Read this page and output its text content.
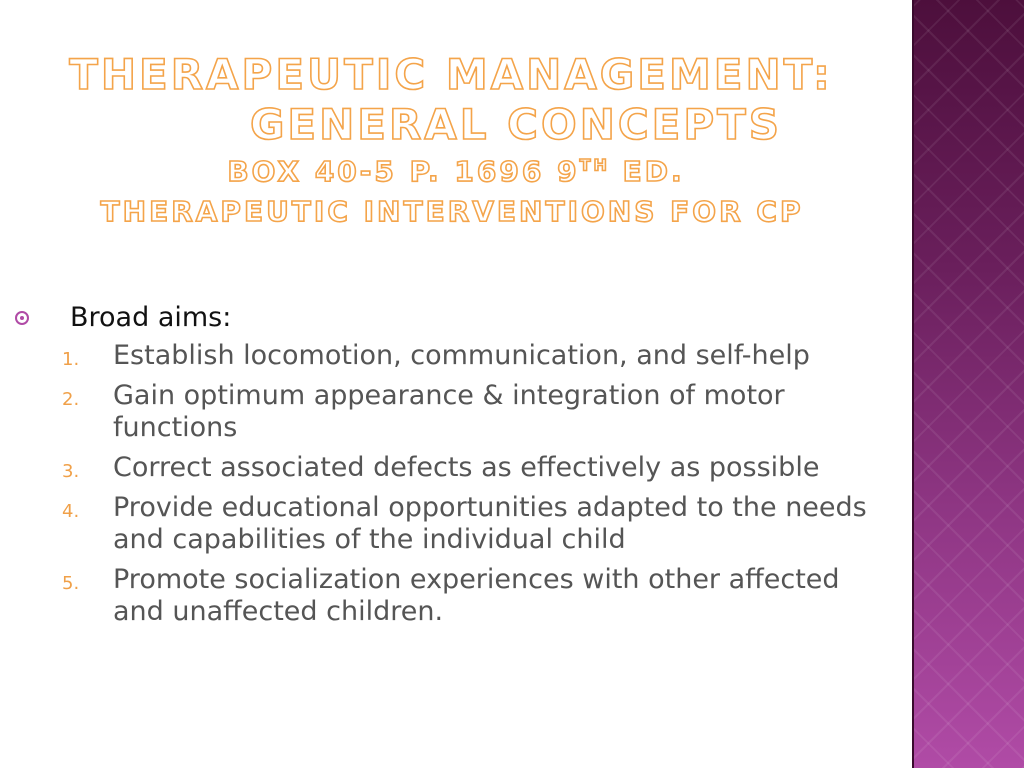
THERAPEUTIC MANAGEMENT:
GENERAL CONCEPTS
BOX 40-5 P. 1696 9TH ED.
THERAPEUTIC INTERVENTIONS FOR CP
Broad aims:
1. Establish locomotion, communication, and self-help
2. Gain optimum appearance & integration of motor functions
3. Correct associated defects as effectively as possible
4. Provide educational opportunities adapted to the needs and capabilities of the individual child
5. Promote socialization experiences with other affected and unaffected children.
